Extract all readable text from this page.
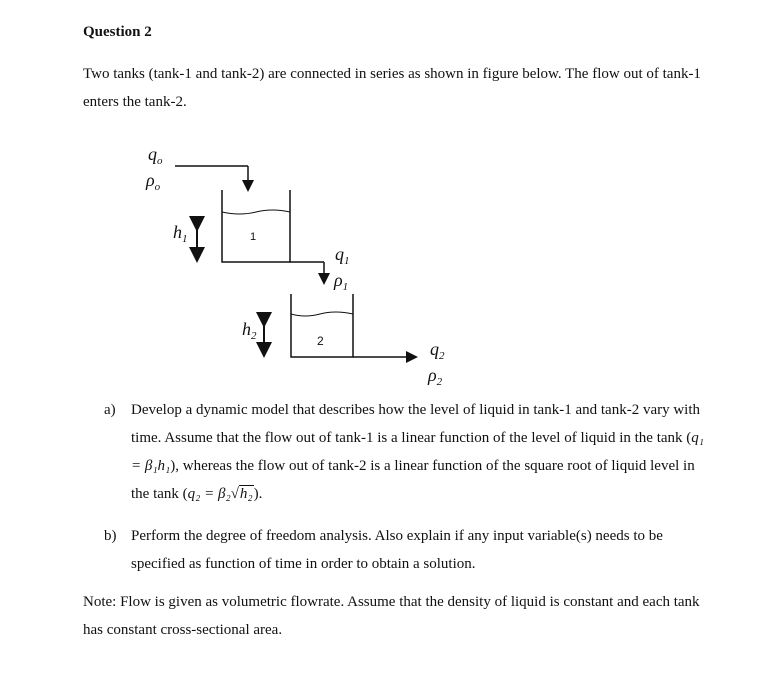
Question 2
Two tanks (tank-1 and tank-2) are connected in series as shown in figure below. The flow out of tank-1 enters the tank-2.
$q_o$
$\rho_o$
1
$h_1$
$q_1$
$\rho_1$
2
$h_2$
$q_2$
$\rho_2$
a) Develop a dynamic model that describes how the level of liquid in tank-1 and tank-2 vary with time. Assume that the flow out of tank-1 is a linear function of the level of liquid in the tank (q₁ = β₁h₁), whereas the flow out of tank-2 is a linear function of the square root of liquid level in the tank (q₂ = β₂√h₂).
b) Perform the degree of freedom analysis. Also explain if any input variable(s) needs to be specified as function of time in order to obtain a solution.
Note: Flow is given as volumetric flowrate. Assume that the density of liquid is constant and each tank has constant cross-sectional area.
